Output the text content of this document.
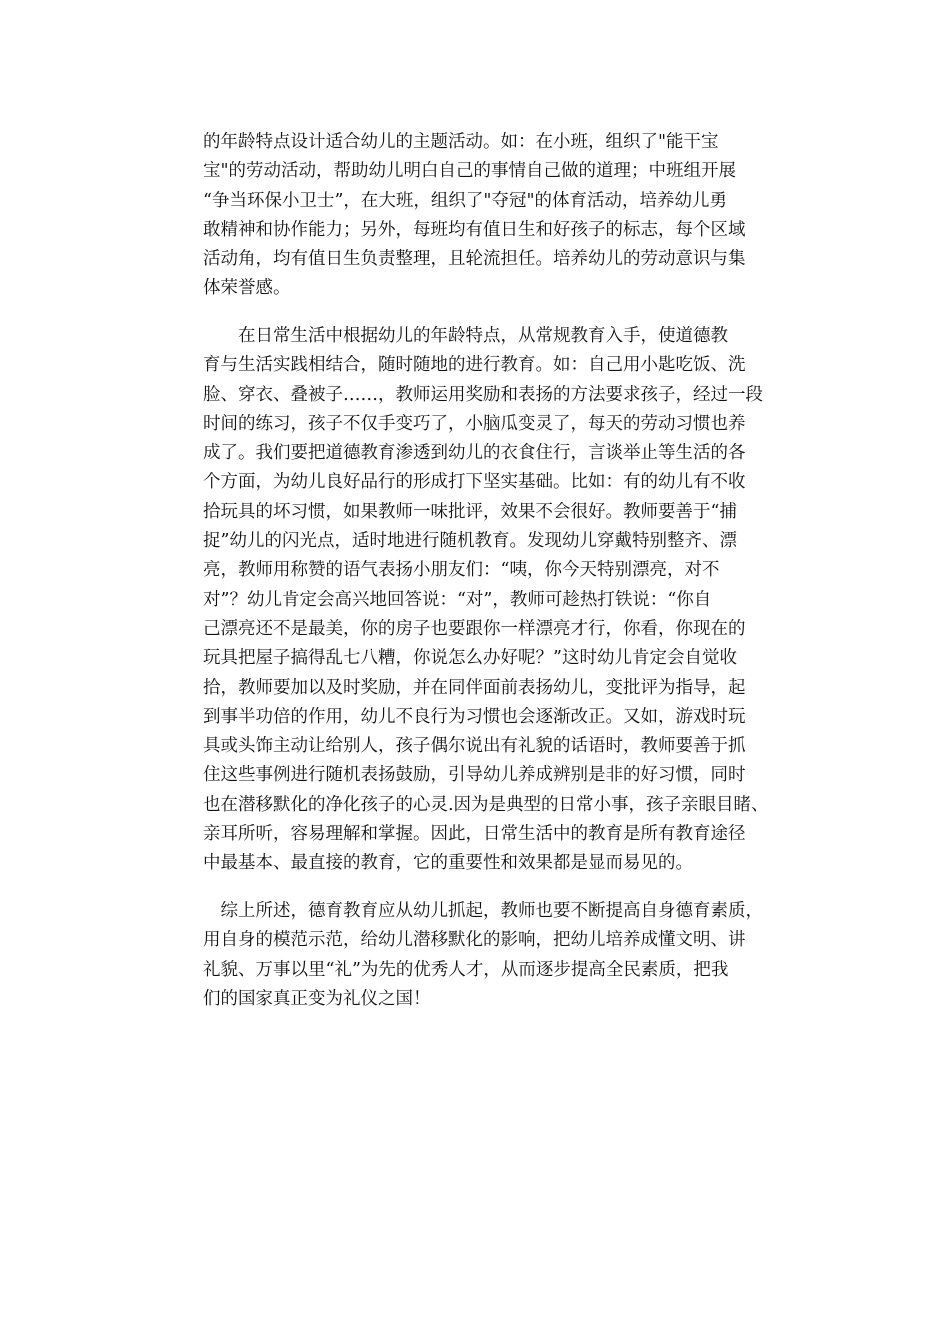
的年龄特点设计适合幼儿的主题活动。如：在小班，组织了"能干宝
宝"的劳动活动，帮助幼儿明白自己的事情自己做的道理；中班组开展
“争当环保小卫士”，在大班，组织了"夺冠"的体育活动，培养幼儿勇
敢精神和协作能力；另外，每班均有值日生和好孩子的标志，每个区域
活动角，均有值日生负责整理，且轮流担任。培养幼儿的劳动意识与集
体荣誉感。
　　在日常生活中根据幼儿的年龄特点，从常规教育入手，使道德教
育与生活实践相结合，随时随地的进行教育。如：自己用小匙吃饭、洗
脸、穿衣、叠被子……，教师运用奖励和表扬的方法要求孩子，经过一段
时间的练习，孩子不仅手变巧了，小脑瓜变灵了，每天的劳动习惯也养
成了。我们要把道德教育渗透到幼儿的衣食住行，言谈举止等生活的各
个方面，为幼儿良好品行的形成打下坚实基础。比如：有的幼儿有不收
拾玩具的坏习惯，如果教师一味批评，效果不会很好。教师要善于“捕
捉”幼儿的闪光点，适时地进行随机教育。发现幼儿穿戴特别整齐、漂
亮，教师用称赞的语气表扬小朋友们：“咦，你今天特别漂亮，对不
对”？幼儿肯定会高兴地回答说：“对”，教师可趁热打铁说：“你自
己漂亮还不是最美，你的房子也要跟你一样漂亮才行，你看，你现在的
玩具把屋子搞得乱七八糟，你说怎么办好呢？”这时幼儿肯定会自觉收
拾，教师要加以及时奖励，并在同伴面前表扬幼儿，变批评为指导，起
到事半功倍的作用，幼儿不良行为习惯也会逐渐改正。又如，游戏时玩
具或头饰主动让给别人，孩子偶尔说出有礼貌的话语时，教师要善于抓
住这些事例进行随机表扬鼓励，引导幼儿养成辨别是非的好习惯，同时
也在潜移默化的净化孩子的心灵.因为是典型的日常小事，孩子亲眼目睹、
亲耳所听，容易理解和掌握。因此，日常生活中的教育是所有教育途径
中最基本、最直接的教育，它的重要性和效果都是显而易见的。
　综上所述，德育教育应从幼儿抓起，教师也要不断提高自身德育素质，
用自身的模范示范，给幼儿潜移默化的影响，把幼儿培养成懂文明、讲
礼貌、万事以里“礼”为先的优秀人才，从而逐步提高全民素质，把我
们的国家真正变为礼仪之国！
